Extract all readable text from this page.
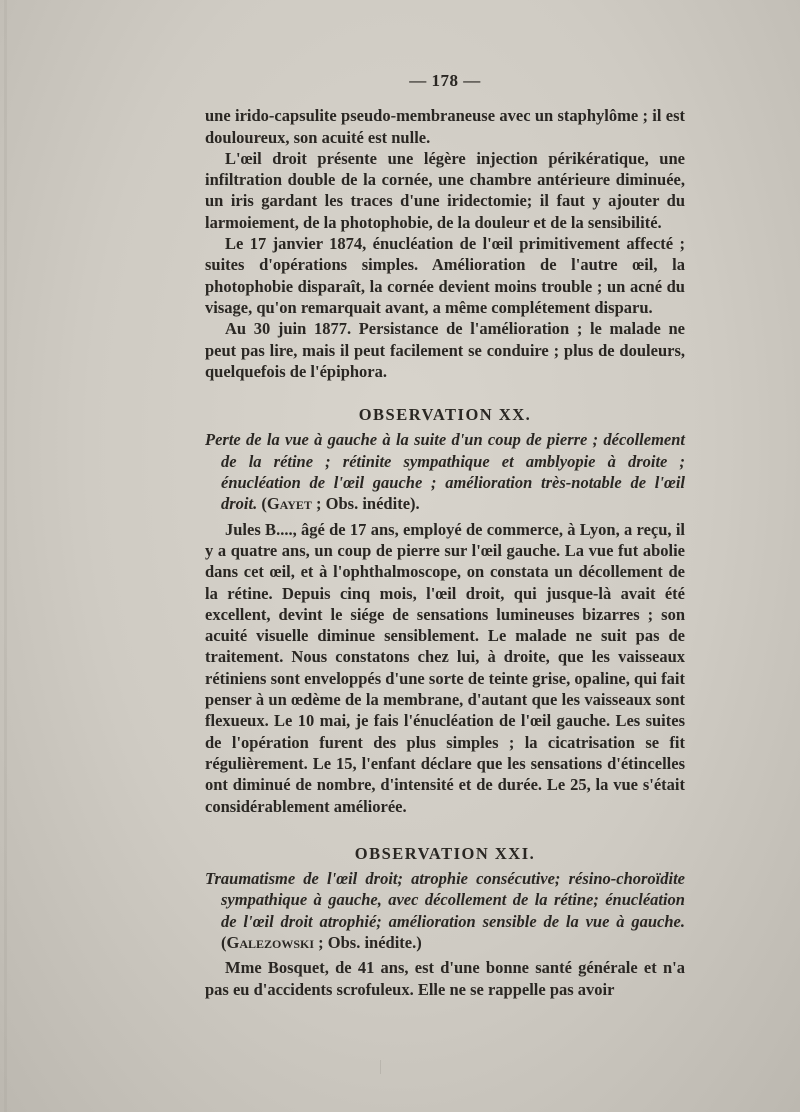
— 178 —

une irido-capsulite pseudo-membraneuse avec un staphylôme ; il est douloureux, son acuité est nulle.

L'œil droit présente une légère injection périkératique, une infiltration double de la cornée, une chambre antérieure diminuée, un iris gardant les traces d'une iridectomie; il faut y ajouter du larmoiement, de la photophobie, de la douleur et de la sensibilité.

Le 17 janvier 1874, énucléation de l'œil primitivement affecté ; suites d'opérations simples. Amélioration de l'autre œil, la photophobie disparaît, la cornée devient moins trouble ; un acné du visage, qu'on remarquait avant, a même complétement disparu.

Au 30 juin 1877. Persistance de l'amélioration ; le malade ne peut pas lire, mais il peut facilement se conduire ; plus de douleurs, quelquefois de l'épiphora.

OBSERVATION XX.
Perte de la vue à gauche à la suite d'un coup de pierre ; décollement de la rétine ; rétinite sympathique et amblyopie à droite ; énucléation de l'œil gauche ; amélioration très-notable de l'œil droit. (Gayet ; Obs. inédite).

Jules B...., âgé de 17 ans, employé de commerce, à Lyon, a reçu, il y a quatre ans, un coup de pierre sur l'œil gauche. La vue fut abolie dans cet œil, et à l'ophthalmoscope, on constata un décollement de la rétine. Depuis cinq mois, l'œil droit, qui jusque-là avait été excellent, devint le siége de sensations lumineuses bizarres ; son acuité visuelle diminue sensiblement. Le malade ne suit pas de traitement. Nous constatons chez lui, à droite, que les vaisseaux rétiniens sont enveloppés d'une sorte de teinte grise, opaline, qui fait penser à un œdème de la membrane, d'autant que les vaisseaux sont flexueux. Le 10 mai, je fais l'énucléation de l'œil gauche. Les suites de l'opération furent des plus simples ; la cicatrisation se fit régulièrement. Le 15, l'enfant déclare que les sensations d'étincelles ont diminué de nombre, d'intensité et de durée. Le 25, la vue s'était considérablement améliorée.

OBSERVATION XXI.
Traumatisme de l'œil droit; atrophie consécutive; résino-choroïdite sympathique à gauche, avec décollement de la rétine; énucléation de l'œil droit atrophié; amélioration sensible de la vue à gauche. (Galezowski ; Obs. inédite.)

Mme Bosquet, de 41 ans, est d'une bonne santé générale et n'a pas eu d'accidents scrofuleux. Elle ne se rappelle pas avoir
